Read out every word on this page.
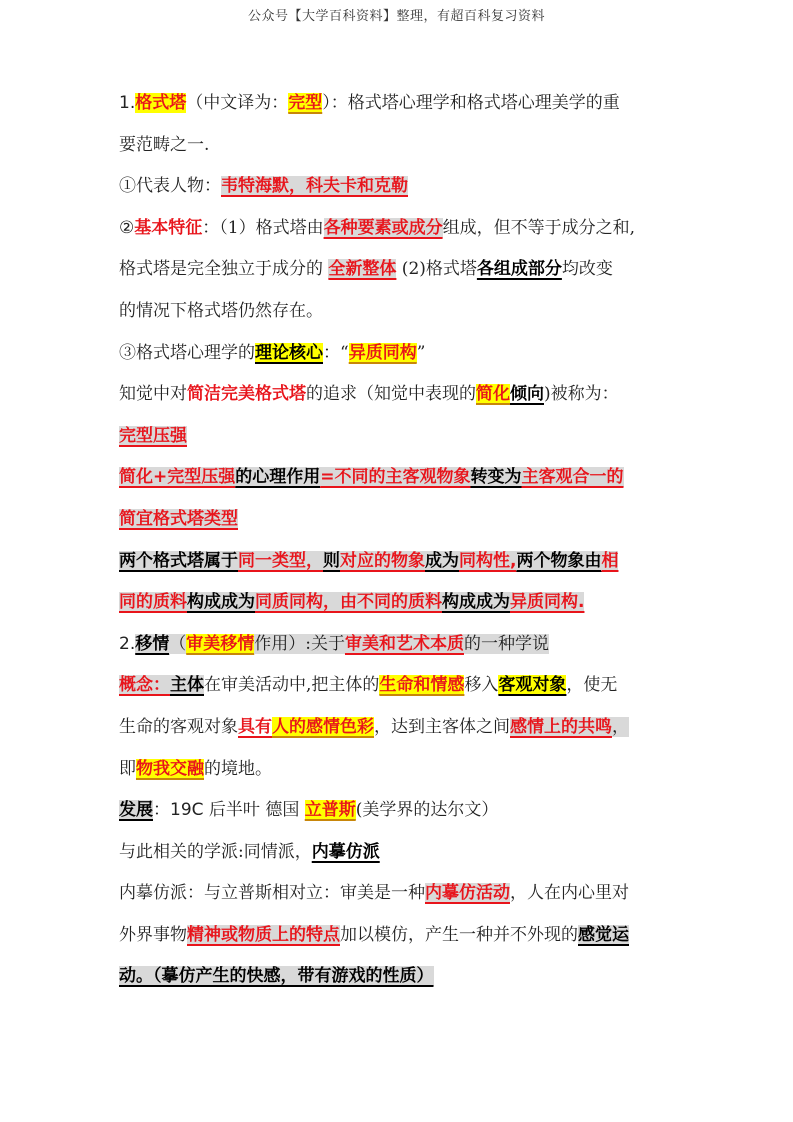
公众号【大学百科资料】整理，有超百科复习资料
1.格式塔（中文译为：完型）：格式塔心理学和格式塔心理美学的重
要范畴之一.
①代表人物：韦特海默，科夫卡和克勒
②基本特征：（1）格式塔由各种要素或成分组成，但不等于成分之和,
格式塔是完全独立于成分的 全新整体 (2)格式塔各组成部分均改变
的情况下格式塔仍然存在。
③格式塔心理学的理论核心：“异质同构”
知觉中对简洁完美格式塔的追求（知觉中表现的简化倾向)被称为：
完型压强
简化+完型压强的心理作用=不同的主客观物象转变为主客观合一的
简宜格式塔类型
两个格式塔属于同一类型，则对应的物象成为同构性,两个物象由相
同的质料构成成为同质同构，由不同的质料构成成为异质同构.
2.移情（审美移情作用）:关于审美和艺术本质的一种学说
概念：主体在审美活动中,把主体的生命和情感移入客观对象，使无
生命的客观对象具有人的感情色彩，达到主客体之间感情上的共鸣，
即物我交融的境地。
发展：19C 后半叶 德国 立普斯(美学界的达尔文）
与此相关的学派:同情派，内摹仿派
内摹仿派：与立普斯相对立：审美是一种内摹仿活动，人在内心里对
外界事物精神或物质上的特点加以模仿，产生一种并不外现的感觉运
动。（摹仿产生的快感，带有游戏的性质）
